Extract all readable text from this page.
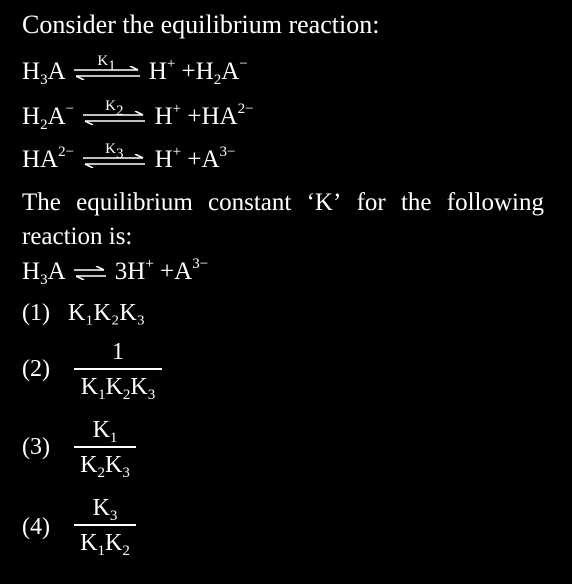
Consider the equilibrium reaction:
$H_3A$	$K_1$	$H^+ +H_2A^-$
$H_2A^-$	$K_2$	$H^+ +HA^{2-}$
$HA^{2-}$	$K_3$	$H^+ +A^{3-}$
The equilibrium constant ‘K’ for the following
reaction is:
$H_3A$ ⇌ $3H^+ +A^{3-}$
(1) K₁K₂K₃
(2)
1
$K_1K_2K_3$
(3)
$K_1$
$K_2K_3$
(4)
$K_3$
$K_1K_2$
